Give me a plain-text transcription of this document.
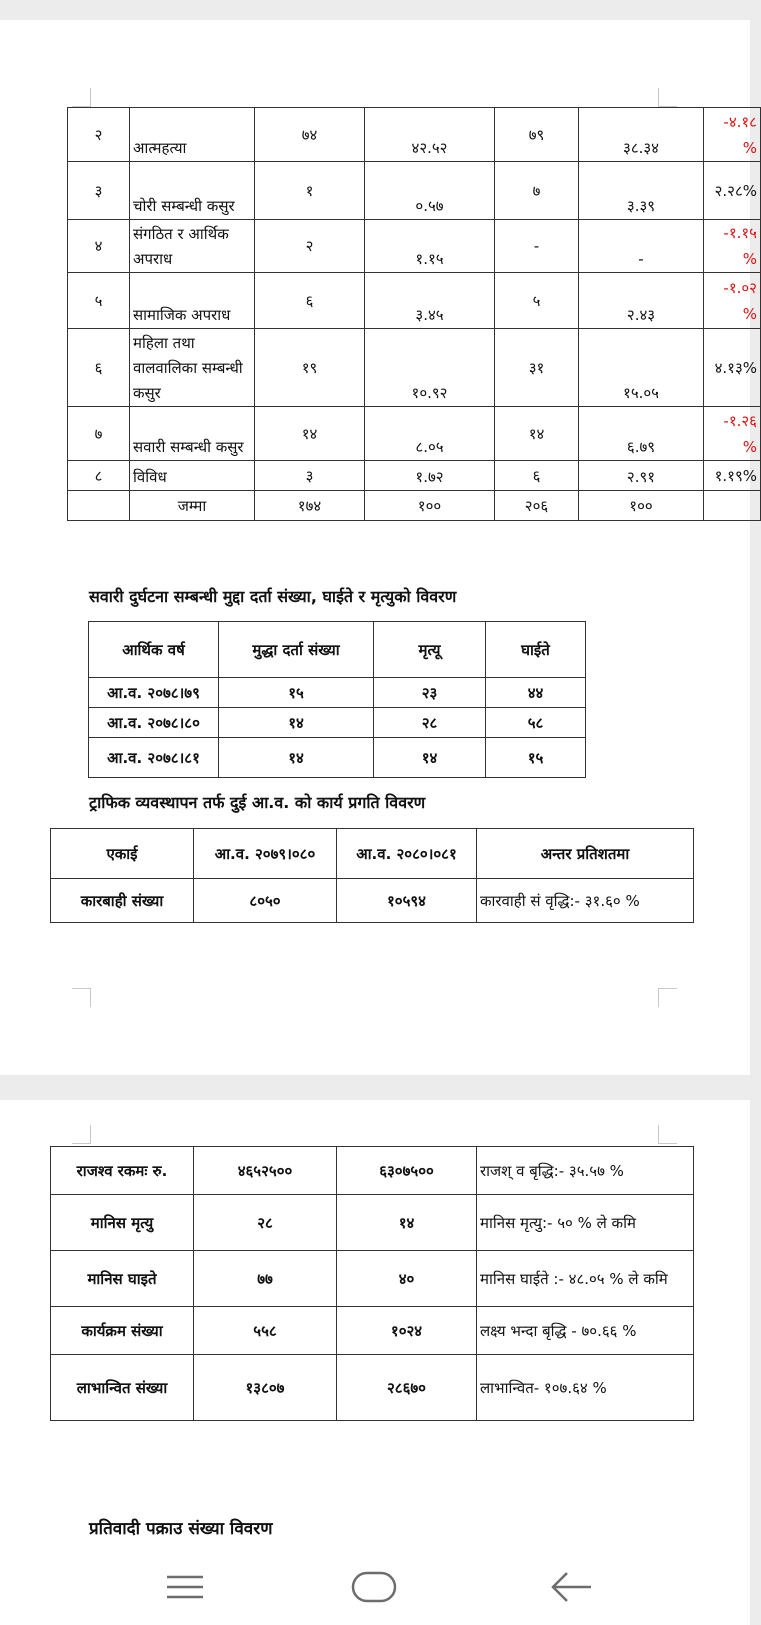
२	आत्महत्या	७४	४२.५२	७९	३८.३४	-४.१८ %
३	चोरी सम्बन्धी कसुर	१	०.५७	७	३.३९	२.२८%
४	संगठित र आर्थिक अपराध	२	१.१५	-	-	-१.१५ %
५	सामाजिक अपराध	६	३.४५	५	२.४३	-१.०२ %
६	महिला तथा वालवालिका सम्बन्धी कसुर	१९	१०.९२	३१	१५.०५	४.१३%
७	सवारी सम्बन्धी कसुर	१४	८.०५	१४	६.७९	-१.२६ %
८	विविध	३	१.७२	६	२.९१	१.१९%
	जम्मा	१७४	१००	२०६	१००	
सवारी दुर्घटना सम्बन्धी मुद्दा दर्ता संख्या, घाईते र मृत्युको विवरण
आर्थिक वर्ष	मुद्धा दर्ता संख्या	मृत्यू	घाईते
आ.व. २०७८।७९	१५	२३	४४
आ.व. २०७८।८०	१४	२८	५८
आ.व. २०७८।८१	१४	१४	१५
ट्राफिक व्यवस्थापन तर्फ दुई आ.व. को कार्य प्रगति विवरण
एकाई	आ.व. २०७९।०८०	आ.व. २०८०।०८१	अन्तर प्रतिशतमा
कारबाही संख्या	८०५०	१०५९४	कारवाही सं वृद्धि:- ३१.६० %
राजश्व रकमः रु.	४६५२५००	६३०७५००	राजश् व बृद्धि:- ३५.५७ %
मानिस मृत्यु	२८	१४	मानिस मृत्यु:- ५० % ले कमि
मानिस घाइते	७७	४०	मानिस घाईते :- ४८.०५ % ले कमि
कार्यक्रम संख्या	५५८	१०२४	लक्ष्य भन्दा बृद्धि - ७०.६६ %
लाभान्वित संख्या	१३८०७	२८६७०	लाभान्वित- १०७.६४ %
प्रतिवादी पक्राउ संख्या विवरण
